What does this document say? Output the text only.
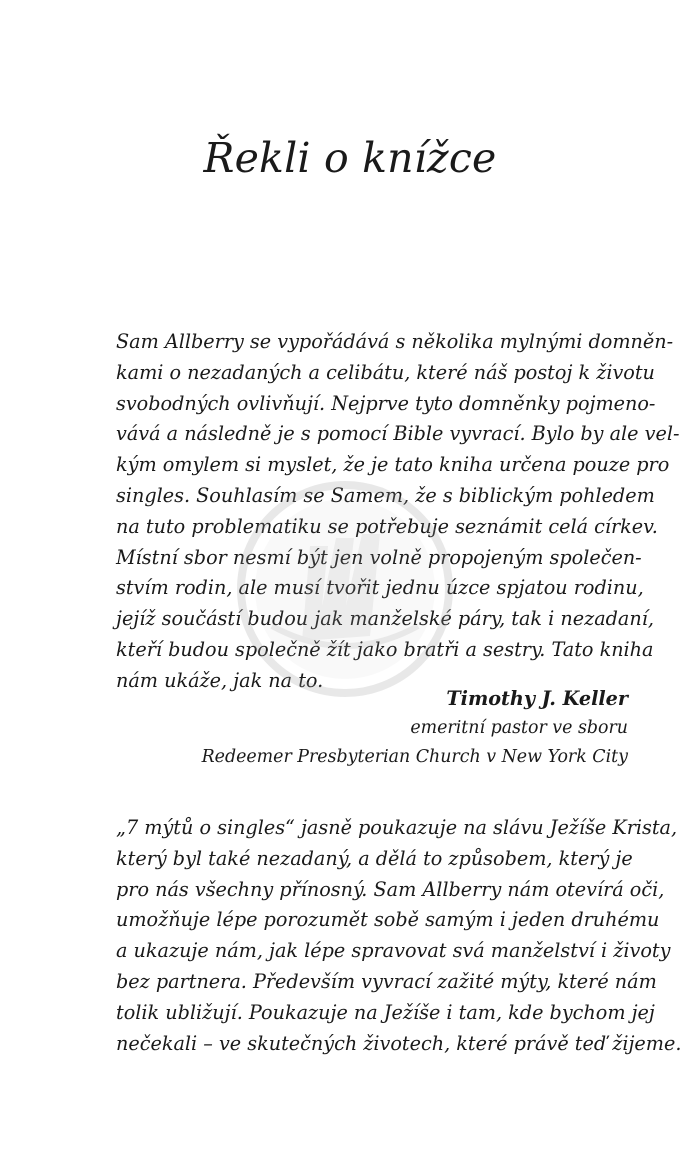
Řekli o knížce
Sam Allberry se vypořádává s několika mylnými domněn-
kami o nezadaných a celibátu, které náš postoj k životu
svobodných ovlivňují. Nejprve tyto domněnky pojmeno-
vává a následně je s pomocí Bible vyvrací. Bylo by ale vel-
kým omylem si myslet, že je tato kniha určena pouze pro
singles. Souhlasím se Samem, že s biblickým pohledem
na tuto problematiku se potřebuje seznámit celá církev.
Místní sbor nesmí být jen volně propojeným společen-
stvím rodin, ale musí tvořit jednu úzce spjatou rodinu,
jejíž součástí budou jak manželské páry, tak i nezadaní,
kteří budou společně žít jako bratři a sestry. Tato kniha
nám ukáže, jak na to.
Timothy J. Keller
emeritní pastor ve sboru
Redeemer Presbyterian Church v New York City
„7 mýtů o singles“ jasně poukazuje na slávu Ježíše Krista,
který byl také nezadaný, a dělá to způsobem, který je
pro nás všechny přínosný. Sam Allberry nám otevírá oči,
umožňuje lépe porozumět sobě samým i jeden druhému
a ukazuje nám, jak lépe spravovat svá manželství i životy
bez partnera. Především vyvrací zažité mýty, které nám
tolik ubližují. Poukazuje na Ježíše i tam, kde bychom jej
nečekali – ve skutečných životech, které právě teď žijeme.
